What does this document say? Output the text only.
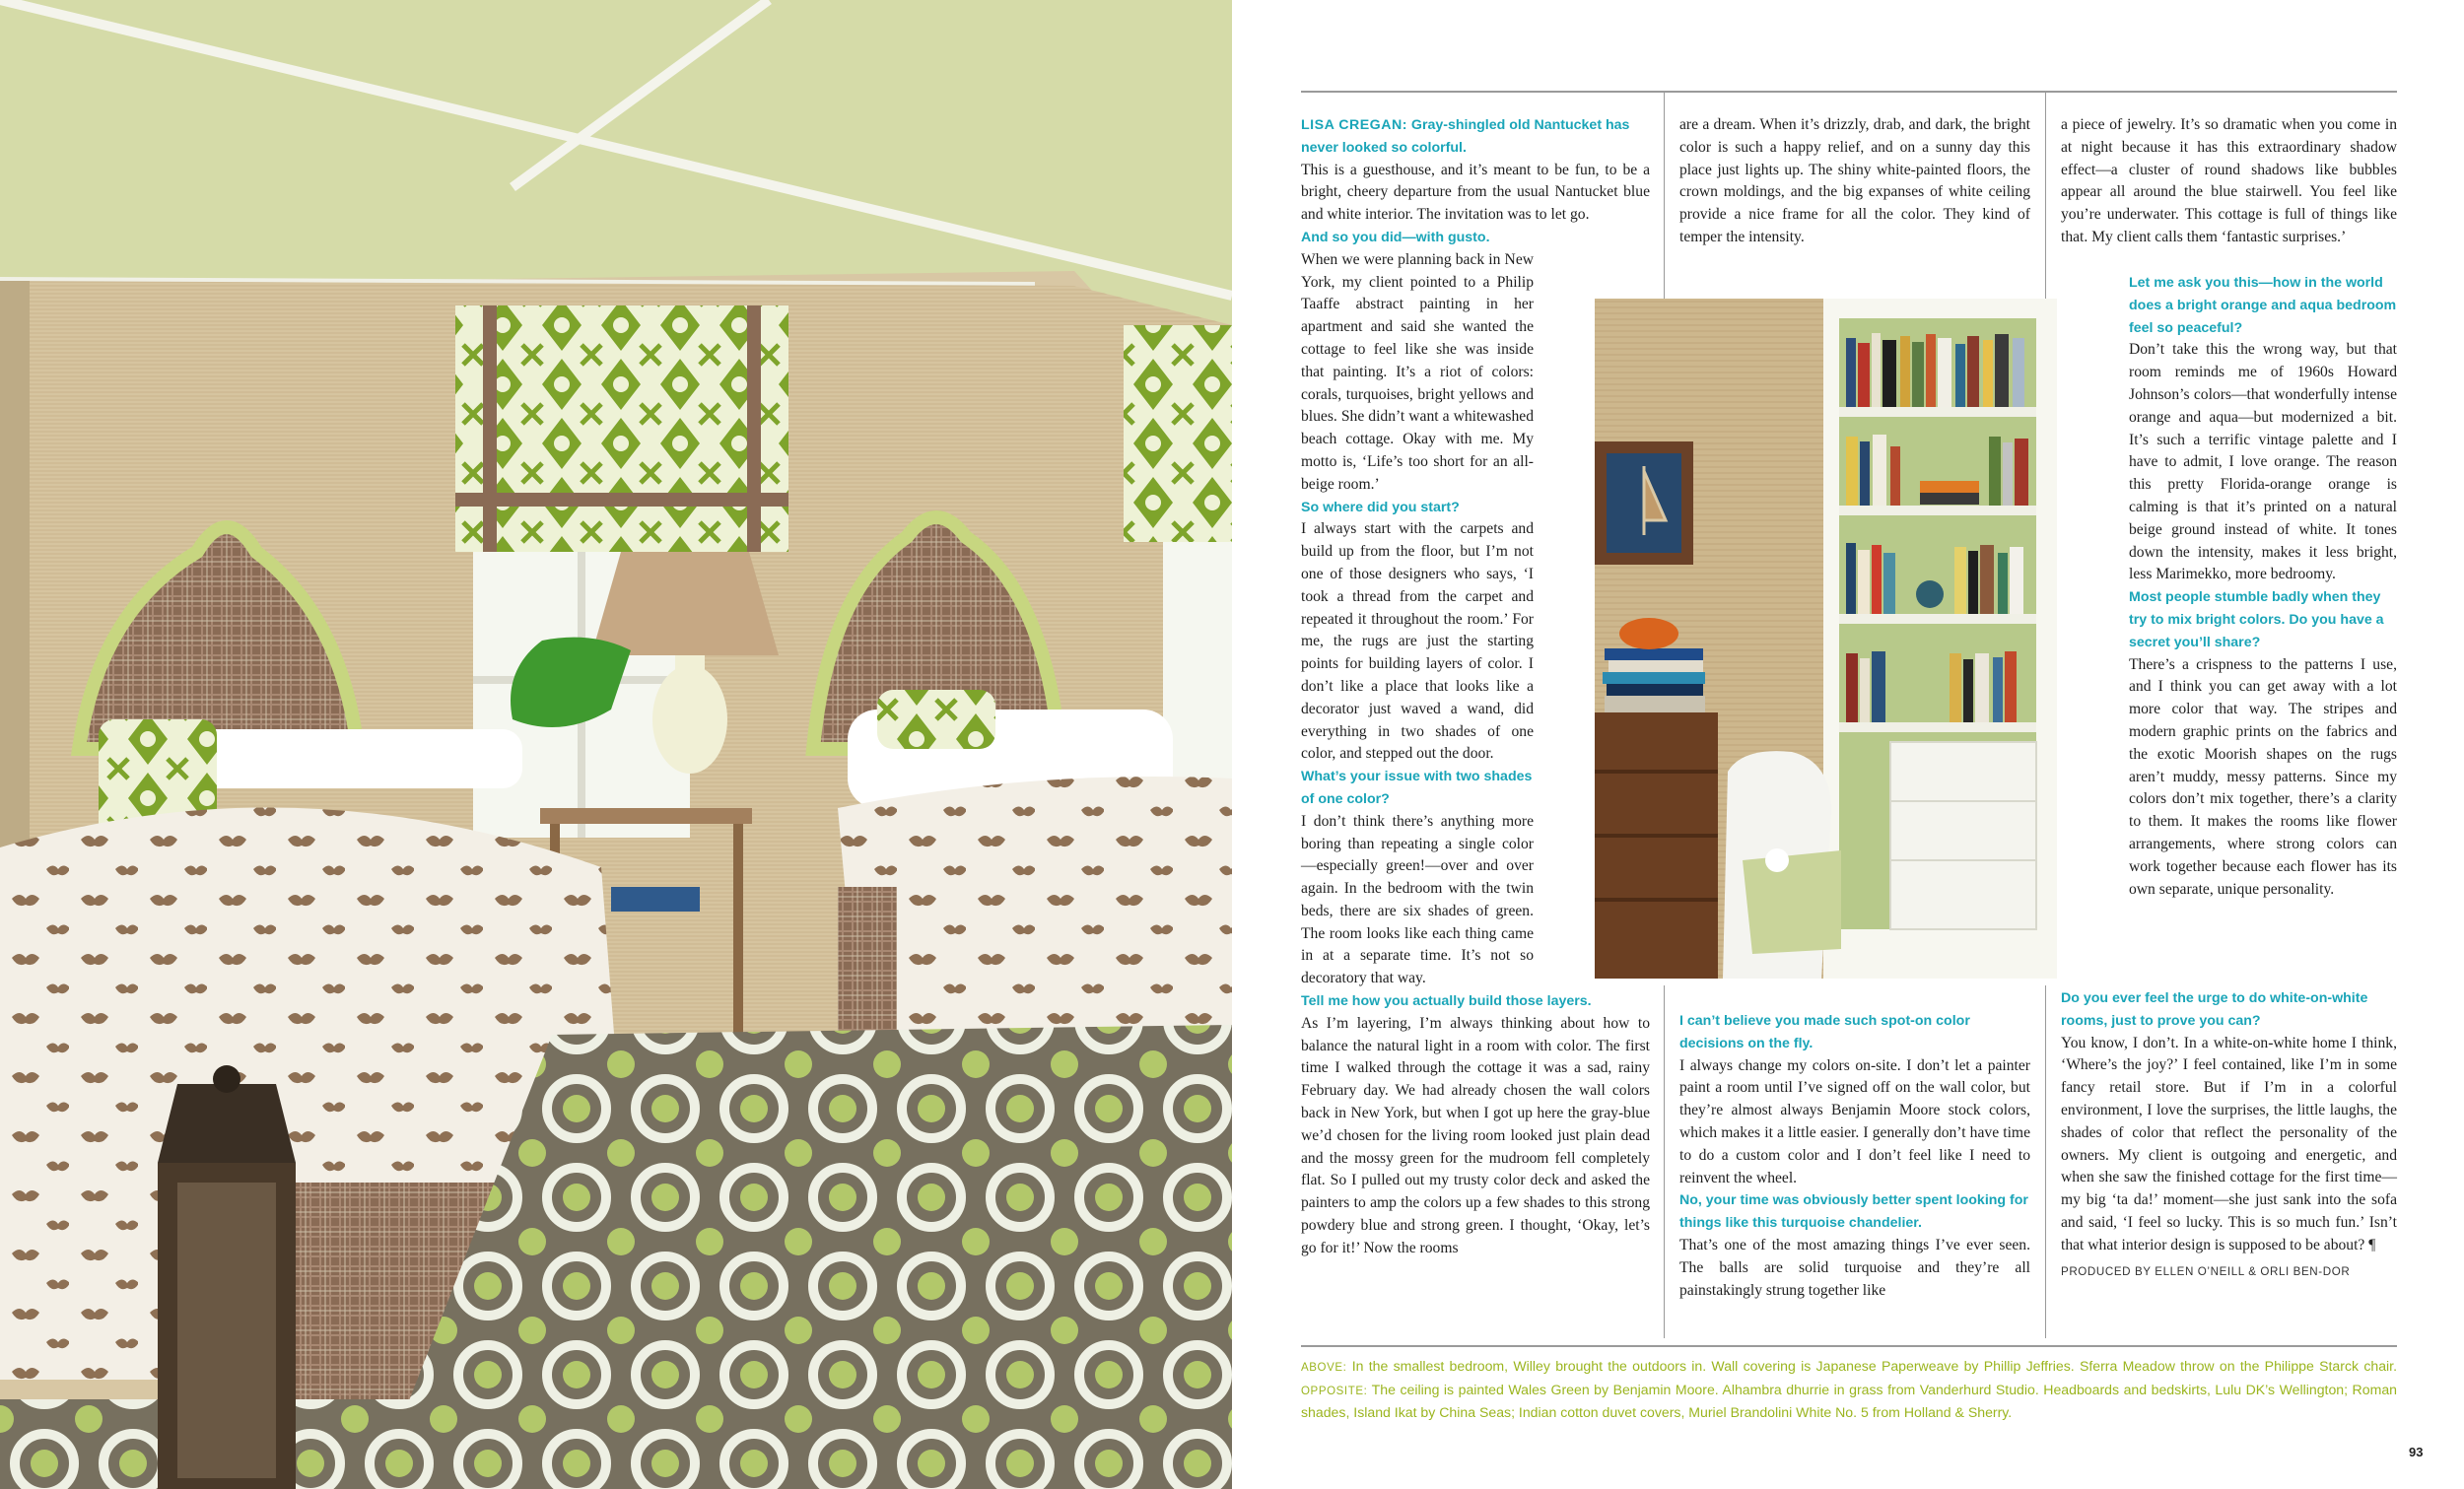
LISA CREGAN: Gray-shingled old Nantucket has never looked so colorful.

This is a guesthouse, and it’s meant to be fun, to be a bright, cheery departure from the usual Nantucket blue and white interior. The invitation was to let go.

And so you did—with gusto.

When we were planning back in New York, my client pointed to a Philip Taaffe abstract painting in her apartment and said she wanted the cottage to feel like she was inside that painting. It’s a riot of colors: corals, turquoises, bright yellows and blues. She didn’t want a whitewashed beach cottage. Okay with me. My motto is, ‘Life’s too short for an all-beige room.’

So where did you start?

I always start with the carpets and build up from the floor, but I’m not one of those designers who says, ‘I took a thread from the carpet and repeated it throughout the room.’ For me, the rugs are just the starting points for building layers of color. I don’t like a place that looks like a decorator just waved a wand, did everything in two shades of one color, and stepped out the door.

What’s your issue with two shades of one color?

I don’t think there’s anything more boring than repeating a single color—especially green!—over and over again. In the bedroom with the twin beds, there are six shades of green. The room looks like each thing came in at a separate time. It’s not so decoratory that way.

Tell me how you actually build those layers.

As I’m layering, I’m always thinking about how to balance the natural light in a room with color. The first time I walked through the cottage it was a sad, rainy February day. We had already chosen the wall colors back in New York, but when I got up here the gray-blue we’d chosen for the living room looked just plain dead and the mossy green for the mudroom fell completely flat. So I pulled out my trusty color deck and asked the painters to amp the colors up a few shades to this strong powdery blue and strong green. I thought, ‘Okay, let’s go for it!’ Now the rooms

are a dream. When it’s drizzly, drab, and dark, the bright color is such a happy relief, and on a sunny day this place just lights up. The shiny white-painted floors, the crown moldings, and the big expanses of white ceiling provide a nice frame for all the color. They kind of temper the intensity.

I can’t believe you made such spot-on color decisions on the fly.

I always change my colors on-site. I don’t let a painter paint a room until I’ve signed off on the wall color, but they’re almost always Benjamin Moore stock colors, which makes it a little easier. I generally don’t have time to do a custom color and I don’t feel like I need to reinvent the wheel.

No, your time was obviously better spent looking for things like this turquoise chandelier.

That’s one of the most amazing things I’ve ever seen. The balls are solid turquoise and they’re all painstakingly strung together like

a piece of jewelry. It’s so dramatic when you come in at night because it has this extraordinary shadow effect—a cluster of round shadows like bubbles appear all around the blue stairwell. You feel like you’re underwater. This cottage is full of things like that. My client calls them ‘fantastic surprises.’

Let me ask you this—how in the world does a bright orange and aqua bedroom feel so peaceful?

Don’t take this the wrong way, but that room reminds me of 1960s Howard Johnson’s colors—that wonderfully intense orange and aqua—but modernized a bit. It’s such a terrific vintage palette and I have to admit, I love orange. The reason this pretty Florida-orange orange is calming is that it’s printed on a natural beige ground instead of white. It tones down the intensity, makes it less bright, less Marimekko, more bedroomy.

Most people stumble badly when they try to mix bright colors. Do you have a secret you’ll share?

There’s a crispness to the patterns I use, and I think you can get away with a lot more color that way. The stripes and modern graphic prints on the fabrics and the exotic Moorish shapes on the rugs aren’t muddy, messy patterns. Since my colors don’t mix together, there’s a clarity to them. It makes the rooms like flower arrangements, where strong colors can work together because each flower has its own separate, unique personality.

Do you ever feel the urge to do white-on-white rooms, just to prove you can?

You know, I don’t. In a white-on-white home I think, ‘Where’s the joy?’ I feel contained, like I’m in some fancy retail store. But if I’m in a colorful environment, I love the surprises, the little laughs, the shades of color that reflect the personality of the owners. My client is outgoing and energetic, and when she saw the finished cottage for the first time—my big ‘ta da!’ moment—she just sank into the sofa and said, ‘I feel so lucky. This is so much fun.’ Isn’t that what interior design is supposed to be about? ¶

PRODUCED BY ELLEN O’NEILL & ORLI BEN-DOR

ABOVE: In the smallest bedroom, Willey brought the outdoors in. Wall covering is Japanese Paperweave by Phillip Jeffries. Sferra Meadow throw on the Philippe Starck chair. OPPOSITE: The ceiling is painted Wales Green by Benjamin Moore. Alhambra dhurrie in grass from Vanderhurd Studio. Headboards and bedskirts, Lulu DK’s Wellington; Roman shades, Island Ikat by China Seas; Indian cotton duvet covers, Muriel Brandolini White No. 5 from Holland & Sherry.
93
